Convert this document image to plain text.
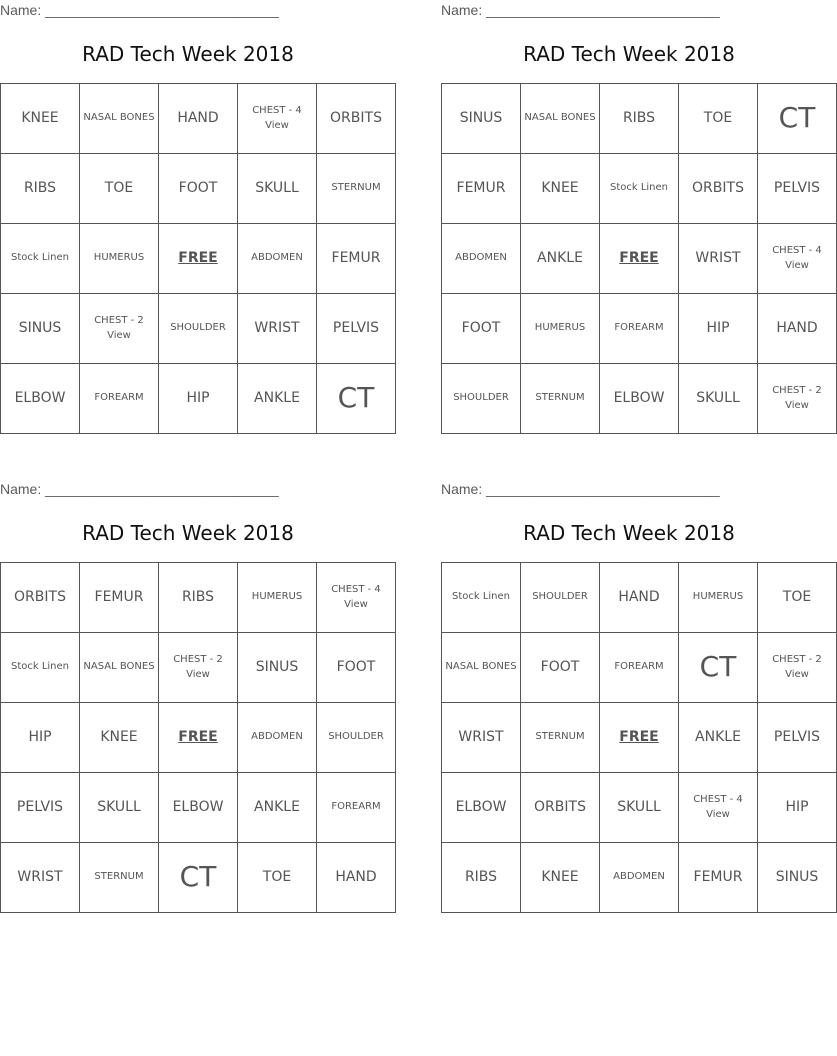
Name: ______________________________
RAD Tech Week 2018
KNEE	NASAL BONES	HAND	CHEST - 4 View	ORBITS
RIBS	TOE	FOOT	SKULL	STERNUM
Stock Linen	HUMERUS	FREE	ABDOMEN	FEMUR
SINUS	CHEST - 2 View	SHOULDER	WRIST	PELVIS
ELBOW	FOREARM	HIP	ANKLE	CT
Name: ______________________________
RAD Tech Week 2018
SINUS	NASAL BONES	RIBS	TOE	CT
FEMUR	KNEE	Stock Linen	ORBITS	PELVIS
ABDOMEN	ANKLE	FREE	WRIST	CHEST - 4 View
FOOT	HUMERUS	FOREARM	HIP	HAND
SHOULDER	STERNUM	ELBOW	SKULL	CHEST - 2 View
Name: ______________________________
RAD Tech Week 2018
ORBITS	FEMUR	RIBS	HUMERUS	CHEST - 4 View
Stock Linen	NASAL BONES	CHEST - 2 View	SINUS	FOOT
HIP	KNEE	FREE	ABDOMEN	SHOULDER
PELVIS	SKULL	ELBOW	ANKLE	FOREARM
WRIST	STERNUM	CT	TOE	HAND
Name: ______________________________
RAD Tech Week 2018
Stock Linen	SHOULDER	HAND	HUMERUS	TOE
NASAL BONES	FOOT	FOREARM	CT	CHEST - 2 View
WRIST	STERNUM	FREE	ANKLE	PELVIS
ELBOW	ORBITS	SKULL	CHEST - 4 View	HIP
RIBS	KNEE	ABDOMEN	FEMUR	SINUS
